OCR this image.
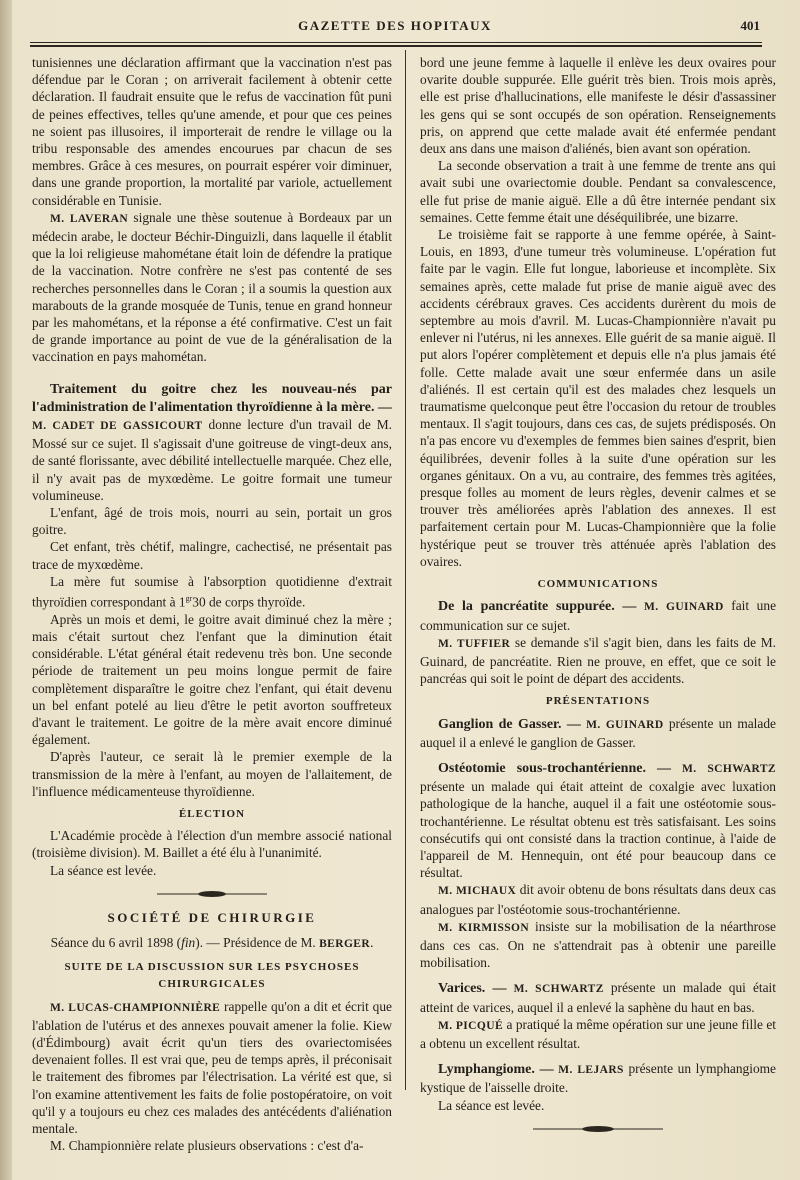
GAZETTE DES HOPITAUX	401

tunisiennes une déclaration affirmant que la vaccination n'est pas défendue par le Coran ; on arriverait facilement à obtenir cette déclaration. Il faudrait ensuite que le refus de vaccination fût puni de peines effectives, telles qu'une amende, et pour que ces peines ne soient pas illusoires, il importerait de rendre le village ou la tribu responsable des amendes encourues par chacun de ses membres. Grâce à ces mesures, on pourrait espérer voir diminuer, dans une grande proportion, la mortalité par variole, actuellement considérable en Tunisie.

M. LAVERAN signale une thèse soutenue à Bordeaux par un médecin arabe, le docteur Béchir-Dinguizli, dans laquelle il établit que la loi religieuse mahométane était loin de défendre la pratique de la vaccination. Notre confrère ne s'est pas contenté de ses recherches personnelles dans le Coran ; il a soumis la question aux marabouts de la grande mosquée de Tunis, tenue en grand honneur par les mahométans, et la réponse a été confirmative. C'est un fait de grande importance au point de vue de la généralisation de la vaccination en pays mahométan.

Traitement du goitre chez les nouveau-nés par l'administration de l'alimentation thyroïdienne à la mère. — M. CADET DE GASSICOURT donne lecture d'un travail de M. Mossé sur ce sujet. Il s'agissait d'une goitreuse de vingt-deux ans, de santé florissante, avec débilité intellectuelle marquée. Chez elle, il n'y avait pas de myxœdème. Le goitre formait une tumeur volumineuse.

L'enfant, âgé de trois mois, nourri au sein, portait un gros goitre.

Cet enfant, très chétif, malingre, cachectisé, ne présentait pas trace de myxœdème.

La mère fut soumise à l'absorption quotidienne d'extrait thyroïdien correspondant à $1^{gr}30$ de corps thyroïde.

Après un mois et demi, le goitre avait diminué chez la mère ; mais c'était surtout chez l'enfant que la diminution était considérable. L'état général était redevenu très bon. Une seconde période de traitement un peu moins longue permit de faire complètement disparaître le goitre chez l'enfant, qui était devenu un bel enfant potelé au lieu d'être le petit avorton souffreteux d'avant le traitement. Le goitre de la mère avait encore diminué également.

D'après l'auteur, ce serait là le premier exemple de la transmission de la mère à l'enfant, au moyen de l'allaitement, de l'influence médicamenteuse thyroïdienne.

ÉLECTION

L'Académie procède à l'élection d'un membre associé national (troisième division). M. Baillet a été élu à l'unanimité.

La séance est levée.

SOCIÉTÉ DE CHIRURGIE

Séance du 6 avril 1898 (fin). — Présidence de M. BERGER.

SUITE DE LA DISCUSSION SUR LES PSYCHOSES CHIRURGICALES

M. LUCAS-CHAMPIONNIÈRE rappelle qu'on a dit et écrit que l'ablation de l'utérus et des annexes pouvait amener la folie. Kiew (d'Édimbourg) avait écrit qu'un tiers des ovariectomisées devenaient folles. Il est vrai que, peu de temps après, il préconisait le traitement des fibromes par l'électrisation. La vérité est que, si l'on examine attentivement les faits de folie postopératoire, on voit qu'il y a toujours eu chez ces malades des antécédents d'aliénation mentale.

M. Championnière relate plusieurs observations : c'est d'a-

bord une jeune femme à laquelle il enlève les deux ovaires pour ovarite double suppurée. Elle guérit très bien. Trois mois après, elle est prise d'hallucinations, elle manifeste le désir d'assassiner les gens qui se sont occupés de son opération. Renseignements pris, on apprend que cette malade avait été enfermée pendant deux ans dans une maison d'aliénés, bien avant son opération.

La seconde observation a trait à une femme de trente ans qui avait subi une ovariectomie double. Pendant sa convalescence, elle fut prise de manie aiguë. Elle a dû être internée pendant six semaines. Cette femme était une déséquilibrée, une bizarre.

Le troisième fait se rapporte à une femme opérée, à Saint-Louis, en 1893, d'une tumeur très volumineuse. L'opération fut faite par le vagin. Elle fut longue, laborieuse et incomplète. Six semaines après, cette malade fut prise de manie aiguë avec des accidents cérébraux graves. Ces accidents durèrent du mois de septembre au mois d'avril. M. Lucas-Championnière n'avait pu enlever ni l'utérus, ni les annexes. Elle guérit de sa manie aiguë. Il put alors l'opérer complètement et depuis elle n'a plus jamais été folle. Cette malade avait une sœur enfermée dans un asile d'aliénés. Il est certain qu'il est des malades chez lesquels un traumatisme quelconque peut être l'occasion du retour de troubles mentaux. Il s'agit toujours, dans ces cas, de sujets prédisposés. On n'a pas encore vu d'exemples de femmes bien saines d'esprit, bien équilibrées, devenir folles à la suite d'une opération sur les organes génitaux. On a vu, au contraire, des femmes très agitées, presque folles au moment de leurs règles, devenir calmes et se trouver très améliorées après l'ablation des annexes. Il est parfaitement certain pour M. Lucas-Championnière que la folie hystérique peut se trouver très atténuée après l'ablation des ovaires.

COMMUNICATIONS

De la pancréatite suppurée. — M. GUINARD fait une communication sur ce sujet.

M. TUFFIER se demande s'il s'agit bien, dans les faits de M. Guinard, de pancréatite. Rien ne prouve, en effet, que ce soit le pancréas qui soit le point de départ des accidents.

PRÉSENTATIONS

Ganglion de Gasser. — M. GUINARD présente un malade auquel il a enlevé le ganglion de Gasser.

Ostéotomie sous-trochantérienne. — M. SCHWARTZ présente un malade qui était atteint de coxalgie avec luxation pathologique de la hanche, auquel il a fait une ostéotomie sous-trochantérienne. Le résultat obtenu est très satisfaisant. Les soins consécutifs qui ont consisté dans la traction continue, à l'aide de l'appareil de M. Hennequin, ont été pour beaucoup dans ce résultat.

M. MICHAUX dit avoir obtenu de bons résultats dans deux cas analogues par l'ostéotomie sous-trochantérienne.

M. KIRMISSON insiste sur la mobilisation de la néarthrose dans ces cas. On ne s'attendrait pas à obtenir une pareille mobilisation.

Varices. — M. SCHWARTZ présente un malade qui était atteint de varices, auquel il a enlevé la saphène du haut en bas.

M. PICQUÉ a pratiqué la même opération sur une jeune fille et a obtenu un excellent résultat.

Lymphangiome. — M. LEJARS présente un lymphangiome kystique de l'aisselle droite.

La séance est levée.
